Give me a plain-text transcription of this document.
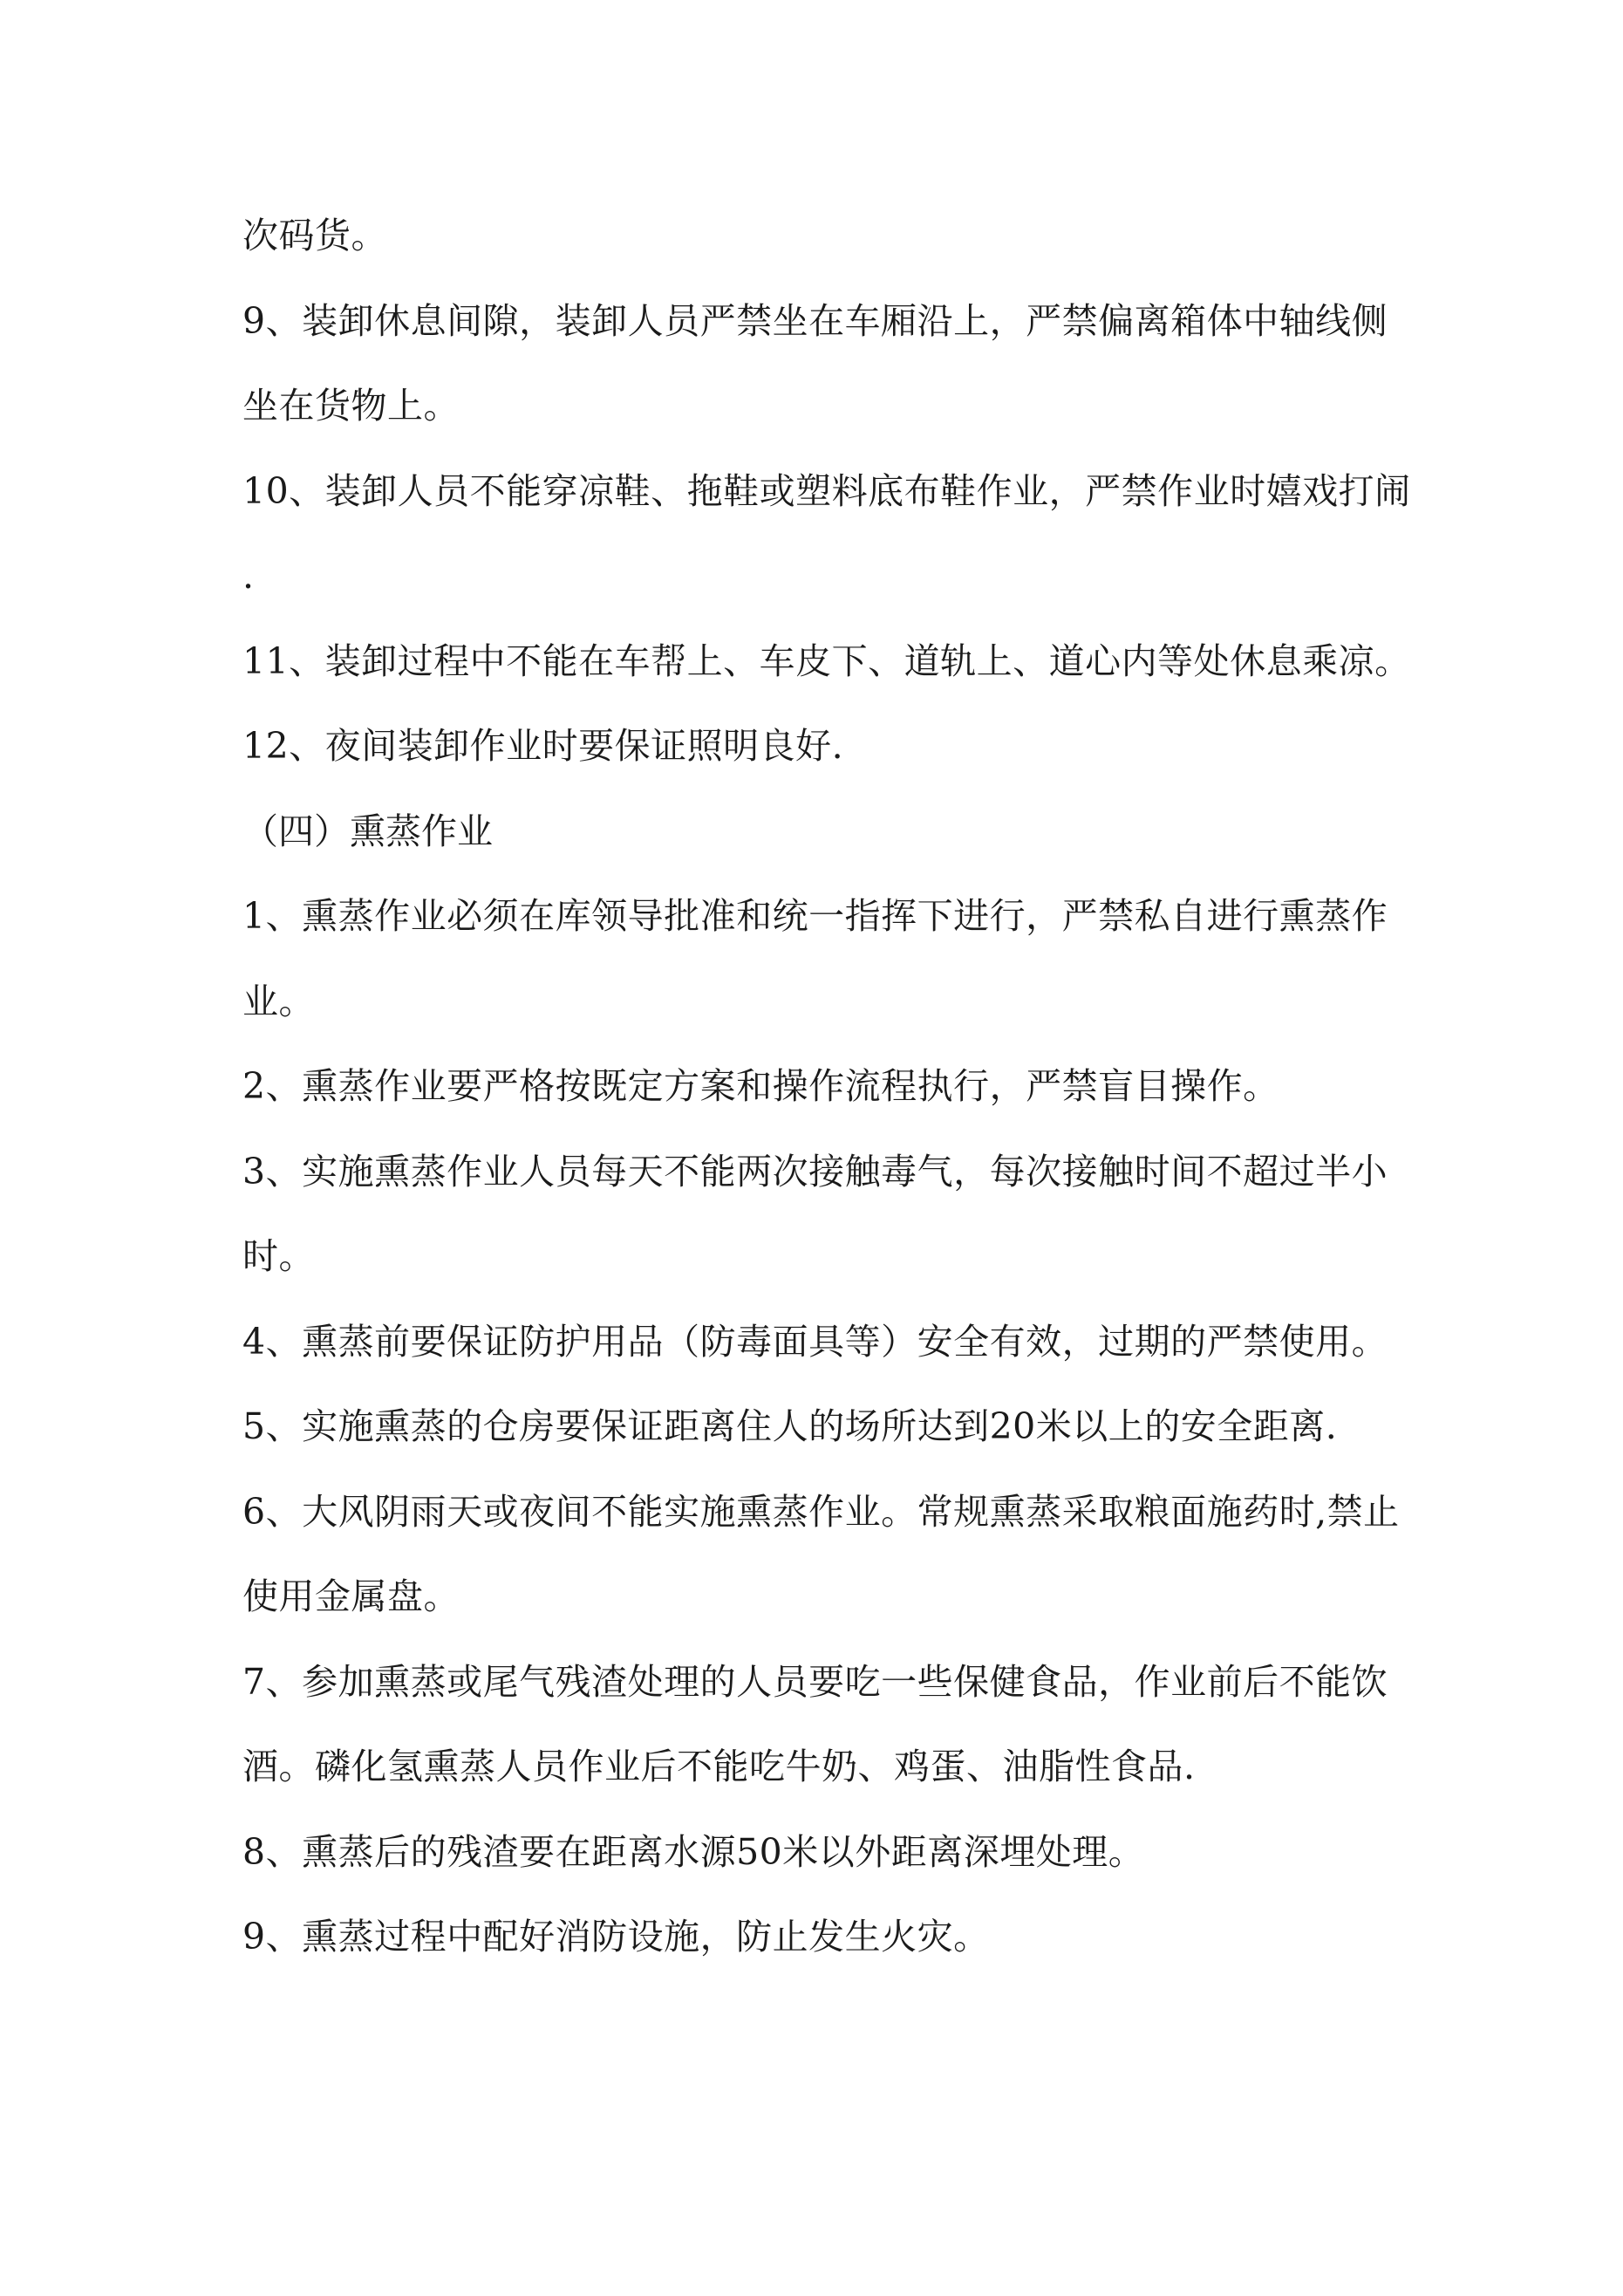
次码货。
9、装卸休息间隙，装卸人员严禁坐在车厢沿上，严禁偏离箱体中轴线侧
坐在货物上。
10、装卸人员不能穿凉鞋、拖鞋或塑料底布鞋作业，严禁作业时嬉戏打闹
.
11、装卸过程中不能在车帮上、车皮下、道轨上、道心内等处休息乘凉。
12、夜间装卸作业时要保证照明良好.
（四）熏蒸作业
1、熏蒸作业必须在库领导批准和统一指挥下进行，严禁私自进行熏蒸作
业。
2、熏蒸作业要严格按既定方案和操作流程执行，严禁盲目操作。
3、实施熏蒸作业人员每天不能两次接触毒气，每次接触时间不超过半小
时。
4、熏蒸前要保证防护用品（防毒面具等）安全有效，过期的严禁使用。
5、实施熏蒸的仓房要保证距离住人的场所达到20米以上的安全距离.
6、大风阴雨天或夜间不能实施熏蒸作业。常规熏蒸采取粮面施药时,禁止
使用金属盘。
7、参加熏蒸或尾气残渣处理的人员要吃一些保健食品，作业前后不能饮
酒。磷化氢熏蒸人员作业后不能吃牛奶、鸡蛋、油脂性食品.
8、熏蒸后的残渣要在距离水源50米以外距离深埋处理。
9、熏蒸过程中配好消防设施，防止发生火灾。
